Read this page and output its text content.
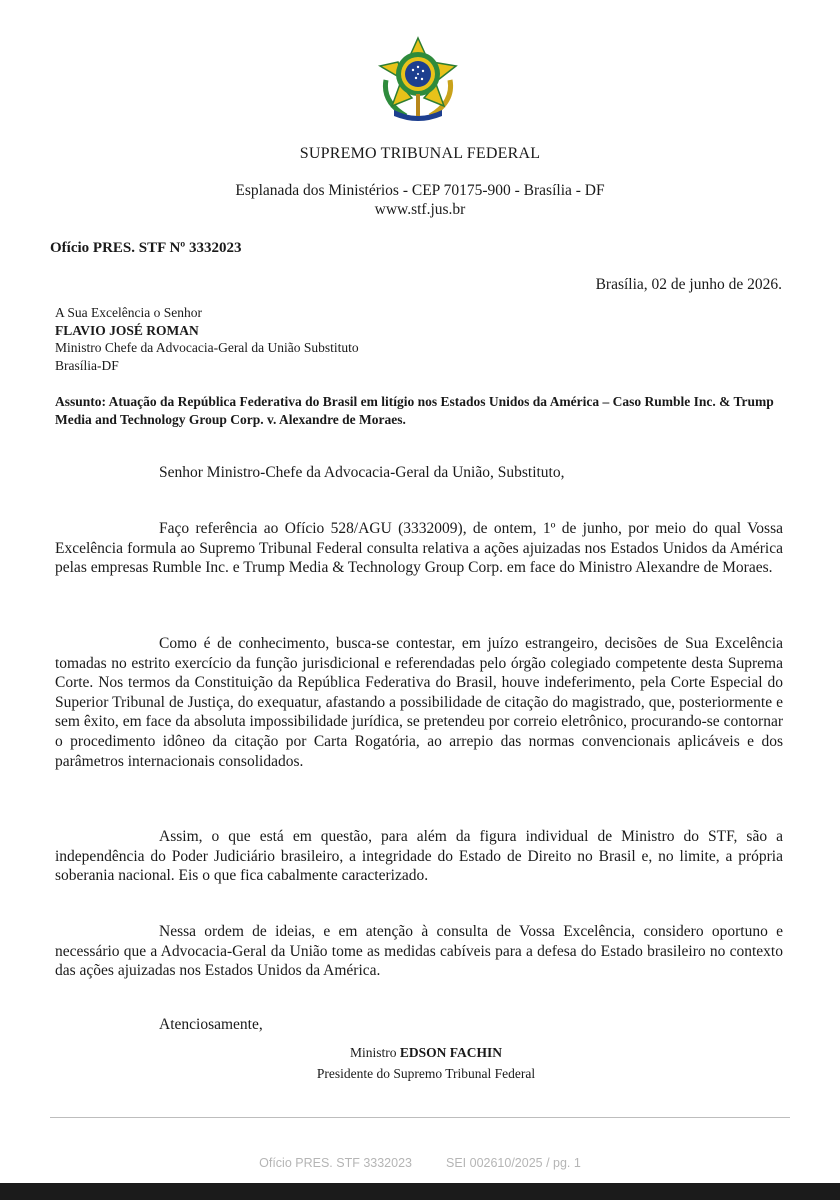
SUPREMO TRIBUNAL FEDERAL
Esplanada dos Ministérios - CEP 70175-900 - Brasília - DF
www.stf.jus.br
Ofício PRES. STF Nº 3332023
Brasília, 02 de junho de 2026.
A Sua Excelência o Senhor
FLAVIO JOSÉ ROMAN
Ministro Chefe da Advocacia-Geral da União Substituto
Brasília-DF
Assunto: Atuação da República Federativa do Brasil em litígio nos Estados Unidos da América – Caso Rumble Inc. & Trump Media and Technology Group Corp. v. Alexandre de Moraes.
Senhor Ministro-Chefe da Advocacia-Geral da União, Substituto,
Faço referência ao Ofício 528/AGU (3332009), de ontem, 1º de junho, por meio do qual Vossa Excelência formula ao Supremo Tribunal Federal consulta relativa a ações ajuizadas nos Estados Unidos da América pelas empresas Rumble Inc. e Trump Media & Technology Group Corp. em face do Ministro Alexandre de Moraes.
Como é de conhecimento, busca-se contestar, em juízo estrangeiro, decisões de Sua Excelência tomadas no estrito exercício da função jurisdicional e referendadas pelo órgão colegiado competente desta Suprema Corte. Nos termos da Constituição da República Federativa do Brasil, houve indeferimento, pela Corte Especial do Superior Tribunal de Justiça, do exequatur, afastando a possibilidade de citação do magistrado, que, posteriormente e sem êxito, em face da absoluta impossibilidade jurídica, se pretendeu por correio eletrônico, procurando-se contornar o procedimento idôneo da citação por Carta Rogatória, ao arrepio das normas convencionais aplicáveis e dos parâmetros internacionais consolidados.
Assim, o que está em questão, para além da figura individual de Ministro do STF, são a independência do Poder Judiciário brasileiro, a integridade do Estado de Direito no Brasil e, no limite, a própria soberania nacional. Eis o que fica cabalmente caracterizado.
Nessa ordem de ideias, e em atenção à consulta de Vossa Excelência, considero oportuno e necessário que a Advocacia-Geral da União tome as medidas cabíveis para a defesa do Estado brasileiro no contexto das ações ajuizadas nos Estados Unidos da América.
Atenciosamente,
Ministro EDSON FACHIN
Presidente do Supremo Tribunal Federal
Ofício PRES. STF 3332023	SEI 002610/2025 / pg. 1
